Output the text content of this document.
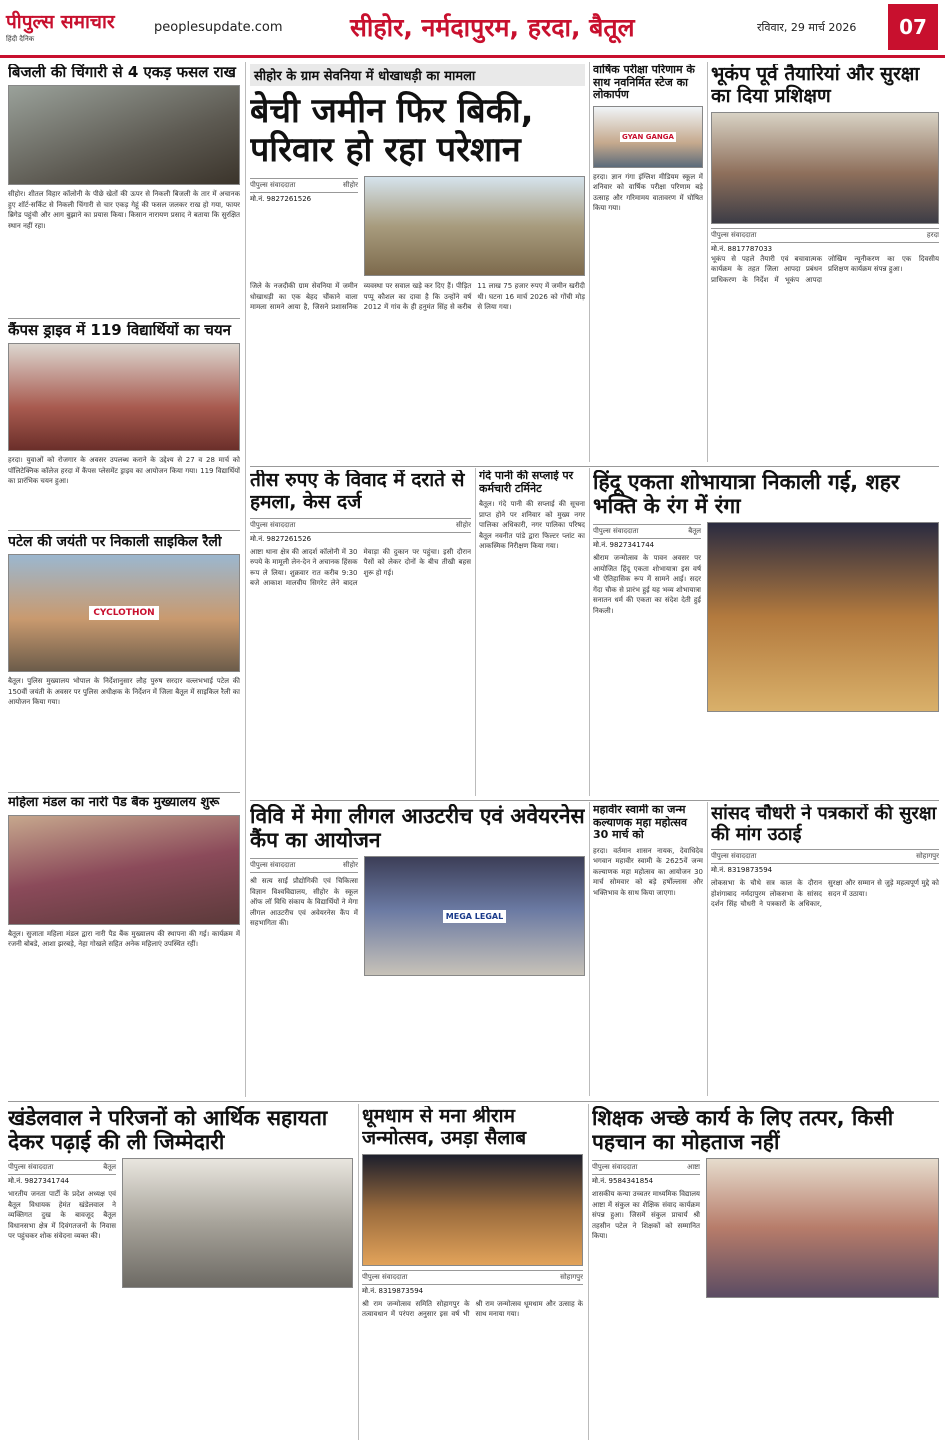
पीपुल्स समाचार
हिंदी दैनिक
peoplesupdate.com	सीहोर, नर्मदापुरम, हरदा, बैतूल	रविवार, 29 मार्च 2026	07
बिजली की चिंगारी से 4 एकड़ फसल राख
सीहोर। शीतल विहार कॉलोनी के पीछे खेतों की ऊपर से निकली बिजली के तार में अचानक हुए शॉर्ट-सर्किट से निकली चिंगारी से चार एकड़ गेहूं की फसल जलकर राख हो गया, फायर ब्रिगेड पहुंची और आग बुझाने का प्रयास किया। किसान नारायण प्रसाद ने बताया कि सुरक्षित स्थान नहीं रहा।
कैंपस ड्राइव में 119 विद्यार्थियों का चयन
हरदा। युवाओं को रोजगार के अवसर उपलब्ध कराने के उद्देश्य से 27 व 28 मार्च को पॉलिटेक्निक कॉलेज हरदा में कैंपस प्लेसमेंट ड्राइव का आयोजन किया गया। 119 विद्यार्थियों का प्रारंभिक चयन हुआ।
पटेल की जयंती पर निकाली साइकिल रैली
CYCLOTHON
बैतूल। पुलिस मुख्यालय भोपाल के निर्देशानुसार लौह पुरुष सरदार वल्लभभाई पटेल की 150वीं जयंती के अवसर पर पुलिस अधीक्षक के निर्देशन में जिला बैतूल में साइकिल रैली का आयोजन किया गया।
महिला मंडल का नारी पैड बैंक मुख्यालय शुरू
बैतूल। सुजाता महिला मंडल द्वारा नारी पैड बैंक मुख्यालय की स्थापना की गई। कार्यक्रम में रजनी बोबडे, आशा झरबड़े, नेहा गोखले सहित अनेक महिलाएं उपस्थित रहीं।
सीहोर के ग्राम सेवनिया में धोखाधड़ी का मामला
बेची जमीन फिर बिकी, परिवार हो रहा परेशान
पीपुल्स संवाददाता	सीहोर
मो.नं. 9827261526
जिले के नजदीकी ग्राम सेवनिया में जमीन धोखाधड़ी का एक बेहद चौंकाने वाला मामला सामने आया है, जिसने प्रशासनिक व्यवस्था पर सवाल खड़े कर दिए हैं। पीड़ित पप्पू कौशल का दावा है कि उन्होंने वर्ष 2012 में गांव के ही हनुमंत सिंह से करीब 11 लाख 75 हजार रुपए में जमीन खरीदी थी। घटना 16 मार्च 2026 को गोंची मोड़ से लिया गया।
वार्षिक परीक्षा परिणाम के साथ नवनिर्मित स्टेज का लोकार्पण
GYAN GANGA
हरदा। ज्ञान गंगा इंग्लिश मीडियम स्कूल में शनिवार को वार्षिक परीक्षा परिणाम बड़े उत्साह और गरिमामय वातावरण में घोषित किया गया।
भूकंप पूर्व तैयारियां और सुरक्षा का दिया प्रशिक्षण
पीपुल्स संवाददाता	हरदा
मो.नं. 8817787033
भूकंप से पहले तैयारी एवं बचावात्मक कार्यक्रम के तहत जिला आपदा प्रबंधन प्राधिकरण के निर्देश में भूकंप आपदा जोखिम न्यूनीकरण का एक दिवसीय प्रशिक्षण कार्यक्रम संपन्न हुआ।
तीस रुपए के विवाद में दराते से हमला, केस दर्ज
पीपुल्स संवाददाता	सीहोर
मो.नं. 9827261526
आष्टा थाना क्षेत्र की आदर्श कॉलोनी में 30 रुपये के मामूली लेन-देन ने अचानक हिंसक रूप ले लिया। शुक्रवार रात करीब 9:30 बजे आकाश मालवीय सिगरेट लेने बादल मेवाड़ा की दुकान पर पहुंचा। इसी दौरान पैसों को लेकर दोनों के बीच तीखी बहस शुरू हो गई।
गंदे पानी की सप्लाई पर कर्मचारी टर्मिनेट
बैतूल। गंदे पानी की सप्लाई की सूचना प्राप्त होने पर शनिवार को मुख्य नगर पालिका अधिकारी, नगर पालिका परिषद बैतूल नवनीत पांडे द्वारा फिल्टर प्लांट का आकस्मिक निरीक्षण किया गया।
हिंदू एकता शोभायात्रा निकाली गई, शहर भक्ति के रंग में रंगा
पीपुल्स संवाददाता	बैतूल
मो.नं. 9827341744
श्रीराम जन्मोत्सव के पावन अवसर पर आयोजित हिंदू एकता शोभायात्रा इस वर्ष भी ऐतिहासिक रूप में सामने आई। सदर गेंदा चौक से प्रारंभ हुई यह भव्य शोभायात्रा सनातन धर्म की एकता का संदेश देती हुई निकली।
विवि में मेगा लीगल आउटरीच एवं अवेयरनेस कैंप का आयोजन
पीपुल्स संवाददाता	सीहोर
श्री सत्य साईं प्रौद्योगिकी एवं चिकित्सा विज्ञान विश्वविद्यालय, सीहोर के स्कूल ऑफ लॉ विधि संकाय के विद्यार्थियों ने मेगा लीगल आउटरीच एवं अवेयरनेस कैंप में सहभागिता की।
MEGA LEGAL
महावीर स्वामी का जन्म कल्याणक महा महोत्सव 30 मार्च को
हरदा। वर्तमान शासन नायक, देवाधिदेव भगवान महावीर स्वामी के 2625वें जन्म कल्याणक महा महोत्सव का आयोजन 30 मार्च सोमवार को बड़े हर्षोल्लास और भक्तिभाव के साथ किया जाएगा।
सांसद चौधरी ने पत्रकारों की सुरक्षा की मांग उठाई
पीपुल्स संवाददाता	सोहागपुर
मो.नं. 8319873594
लोकसभा के चौथे सत्र काल के दौरान होशंगाबाद नर्मदापुरम लोकसभा के सांसद दर्शन सिंह चौधरी ने पत्रकारों के अधिकार, सुरक्षा और सम्मान से जुड़े महत्वपूर्ण मुद्दे को सदन में उठाया।
खंडेलवाल ने परिजनों को आर्थिक सहायता देकर पढ़ाई की ली जिम्मेदारी
पीपुल्स संवाददाता	बैतूल
मो.नं. 9827341744
भारतीय जनता पार्टी के प्रदेश अध्यक्ष एवं बैतूल विधायक हेमंत खंडेलवाल ने व्यक्तिगत दुख के बावजूद बैतूल विधानसभा क्षेत्र में दिवंगतजनों के निवास पर पहुंचकर शोक संवेदना व्यक्त की।
धूमधाम से मना श्रीराम जन्मोत्सव, उमड़ा सैलाब
पीपुल्स संवाददाता	सोहागपुर
मो.नं. 8319873594
श्री राम जन्मोत्सव समिति सोहागपुर के तत्वावधान में परंपरा अनुसार इस वर्ष भी श्री राम जन्मोत्सव धूमधाम और उत्साह के साथ मनाया गया।
शिक्षक अच्छे कार्य के लिए तत्पर, किसी पहचान का मोहताज नहीं
पीपुल्स संवाददाता	आष्टा
मो.नं. 9584341854
शासकीय कन्या उच्चतर माध्यमिक विद्यालय आष्टा में संकुल का शैक्षिक संवाद कार्यक्रम संपन्न हुआ। जिसमें संकुल प्राचार्य श्री तहसीन पटेल ने शिक्षकों को सम्मानित किया।
